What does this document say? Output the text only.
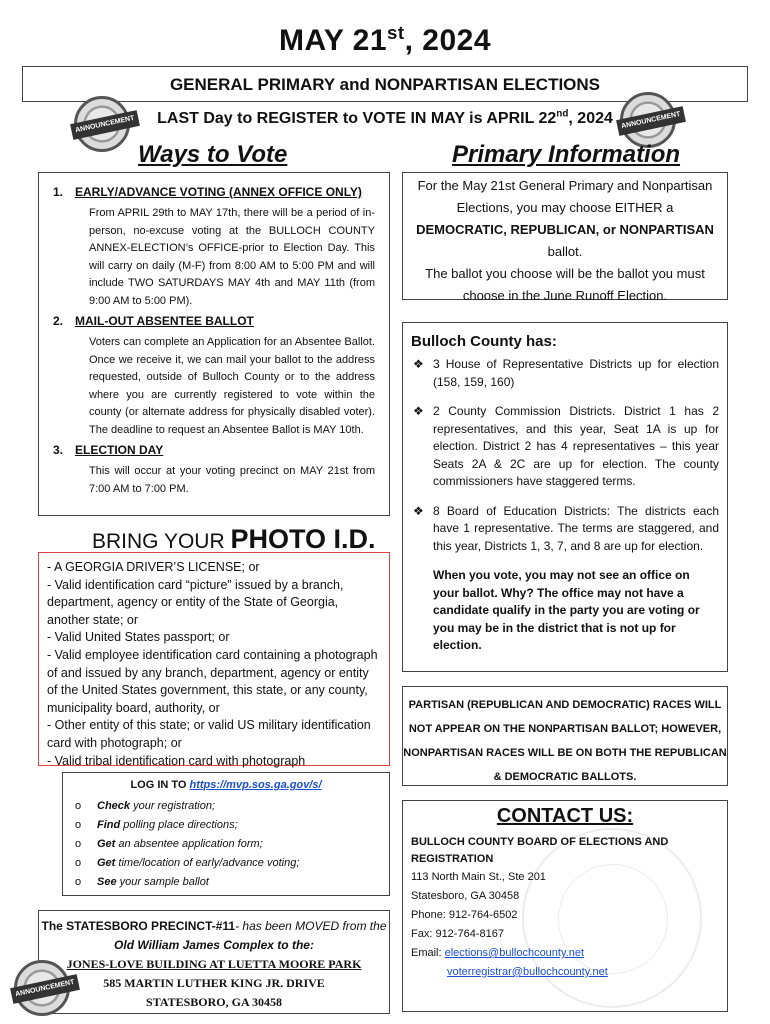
MAY 21st, 2024
GENERAL PRIMARY and NONPARTISAN ELECTIONS
ANNOUNCEMENT	ANNOUNCEMENT
LAST Day to REGISTER to VOTE IN MAY is APRIL 22nd, 2024
Ways to Vote	Primary Information
1. EARLY/ADVANCE VOTING (ANNEX OFFICE ONLY)

From APRIL 29th to MAY 17th, there will be a period of in-person, no-excuse voting at the BULLOCH COUNTY ANNEX-ELECTION’s OFFICE-prior to Election Day. This will carry on daily (M-F) from 8:00 AM to 5:00 PM and will include TWO SATURDAYS MAY 4th and MAY 11th (from 9:00 AM to 5:00 PM).

2. MAIL-OUT ABSENTEE BALLOT

Voters can complete an Application for an Absentee Ballot. Once we receive it, we can mail your ballot to the address requested, outside of Bulloch County or to the address where you are currently registered to vote within the county (or alternate address for physically disabled voter). The deadline to request an Absentee Ballot is MAY 10th.

3. ELECTION DAY

This will occur at your voting precinct on MAY 21st from 7:00 AM to 7:00 PM.

For the May 21st General Primary and Nonpartisan Elections, you may choose EITHER a
DEMOCRATIC, REPUBLICAN, or NONPARTISAN
ballot.
The ballot you choose will be the ballot you must choose in the June Runoff Election.
Bulloch County has:
❖ 3 House of Representative Districts up for election (158, 159, 160)
❖ 2 County Commission Districts. District 1 has 2 representatives, and this year, Seat 1A is up for election. District 2 has 4 representatives – this year Seats 2A & 2C are up for election. The county commissioners have staggered terms.
❖ 8 Board of Education Districts: The districts each have 1 representative. The terms are staggered, and this year, Districts 1, 3, 7, and 8 are up for election.
When you vote, you may not see an office on your ballot. Why? The office may not have a candidate qualify in the party you are voting or you may be in the district that is not up for election.
PARTISAN (REPUBLICAN AND DEMOCRATIC) RACES WILL NOT APPEAR ON THE NONPARTISAN BALLOT; HOWEVER, NONPARTISAN RACES WILL BE ON BOTH THE REPUBLICAN & DEMOCRATIC BALLOTS.
BRING YOUR PHOTO I.D.
- A GEORGIA DRIVER’S LICENSE; or
- Valid identification card “picture” issued by a branch, department, agency or entity of the State of Georgia, another state; or
- Valid United States passport; or
- Valid employee identification card containing a photograph of and issued by any branch, department, agency or entity of the United States government, this state, or any county, municipality board, authority, or
- Other entity of this state; or valid US military identification card with photograph; or
- Valid tribal identification card with photograph
LOG IN TO https://mvp.sos.ga.gov/s/
o Check your registration;
o Find polling place directions;
o Get an absentee application form;
o Get time/location of early/advance voting;
o See your sample ballot
The STATESBORO PRECINCT-#11- has been MOVED from the
Old William James Complex to the:
JONES-LOVE BUILDING AT LUETTA MOORE PARK
585 MARTIN LUTHER KING JR. DRIVE
STATESBORO, GA 30458
ANNOUNCEMENT
CONTACT US:
BULLOCH COUNTY BOARD OF ELECTIONS AND REGISTRATION
113 North Main St., Ste 201
Statesboro, GA 30458
Phone: 912-764-6502
Fax: 912-764-8167
Email: elections@bullochcounty.net
voterregistrar@bullochcounty.net
